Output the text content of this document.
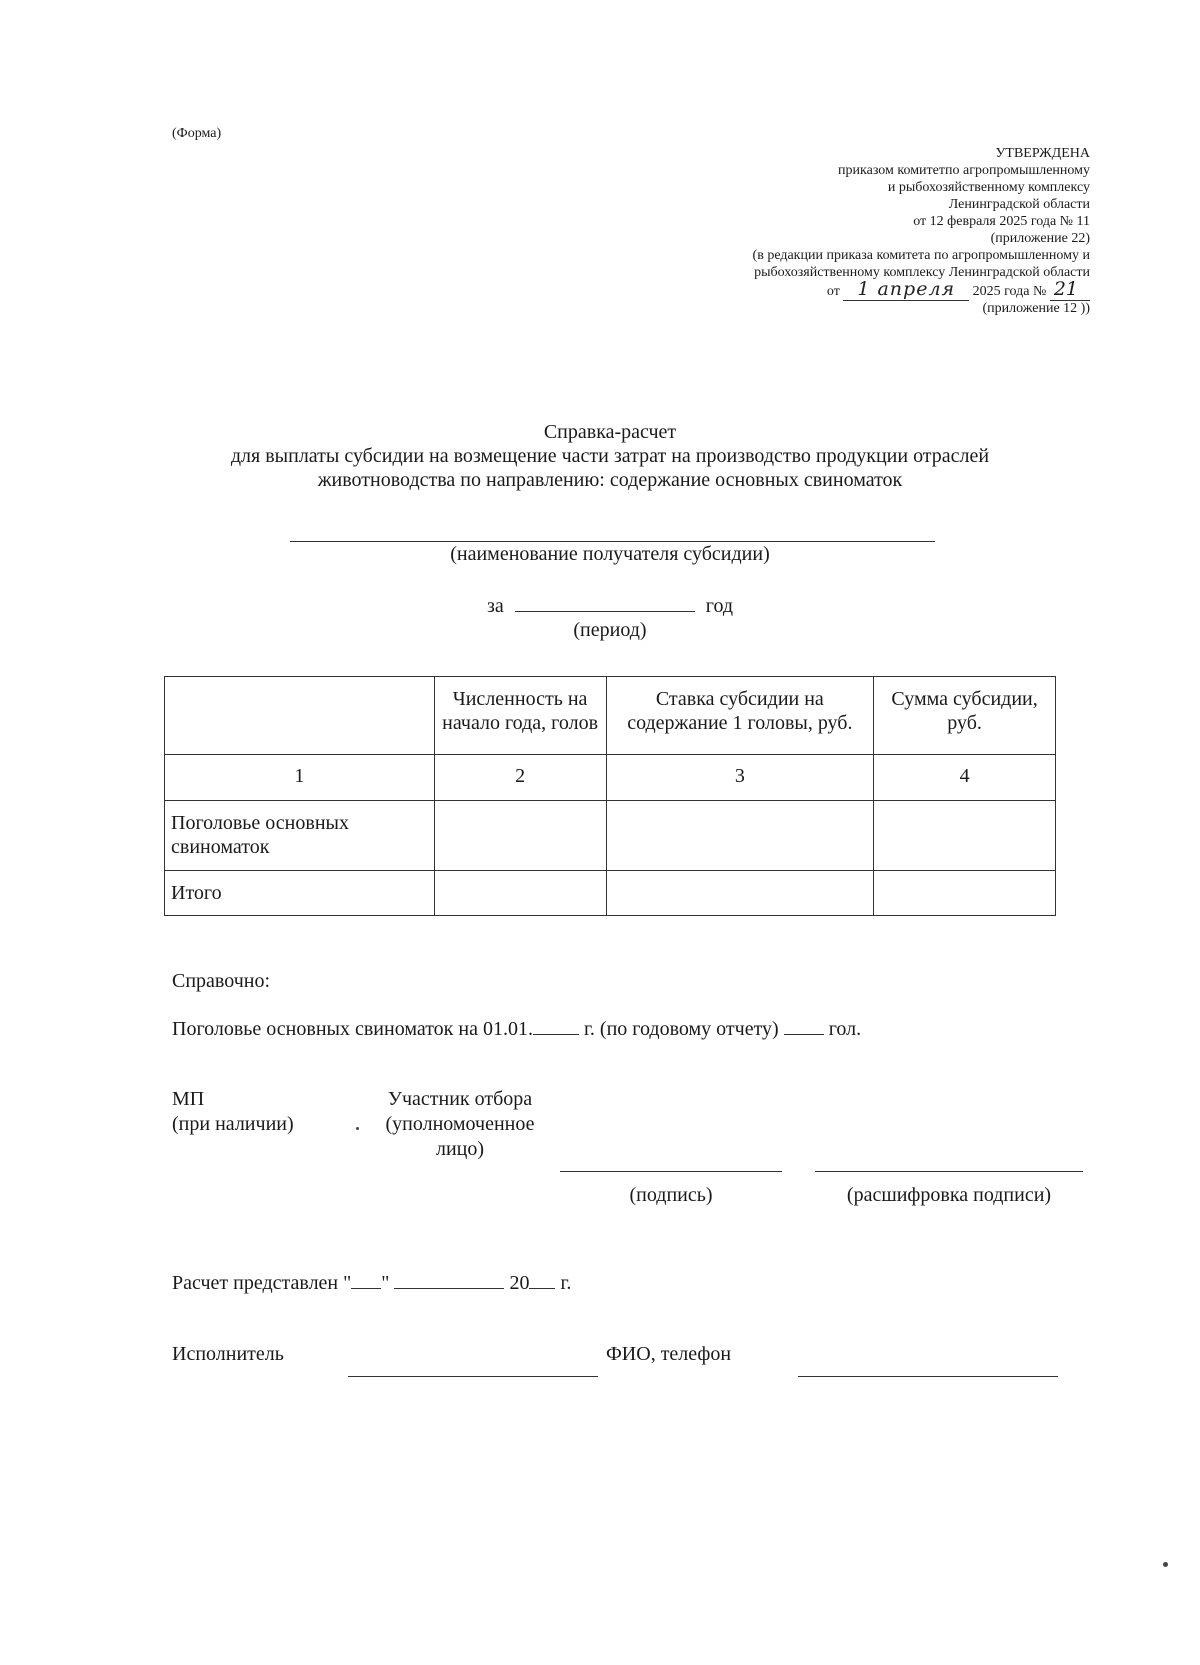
(Форма)
УТВЕРЖДЕНА
приказом комитетпо агропромышленному
и рыбохозяйственному комплексу
Ленинградской области
от 12 февраля 2025 года № 11
(приложение 22)
(в редакции приказа комитета по агропромышленному и
рыбохозяйственному комплексу Ленинградской области
от 1 апреля 2025 года № 21
(приложение 12 ))
Справка-расчет
для выплаты субсидии на возмещение части затрат на производство продукции отраслей
животноводства по направлению: содержание основных свиноматок
(наименование получателя субсидии)
за	год
(период)
	Численность на начало года, голов	Ставка субсидии на содержание 1 головы, руб.	Сумма субсидии, руб.
1	2	3	4
Поголовье основных свиноматок			
Итого			
Справочно:
Поголовье основных свиноматок на 01.01.	г. (по годовому отчету)	гол.
МП
(при наличии)
Участник отбора
(уполномоченное
лицо)
(подпись)	(расшифровка подписи)
Расчет представлен " "	20 г.
Исполнитель	ФИО, телефон
